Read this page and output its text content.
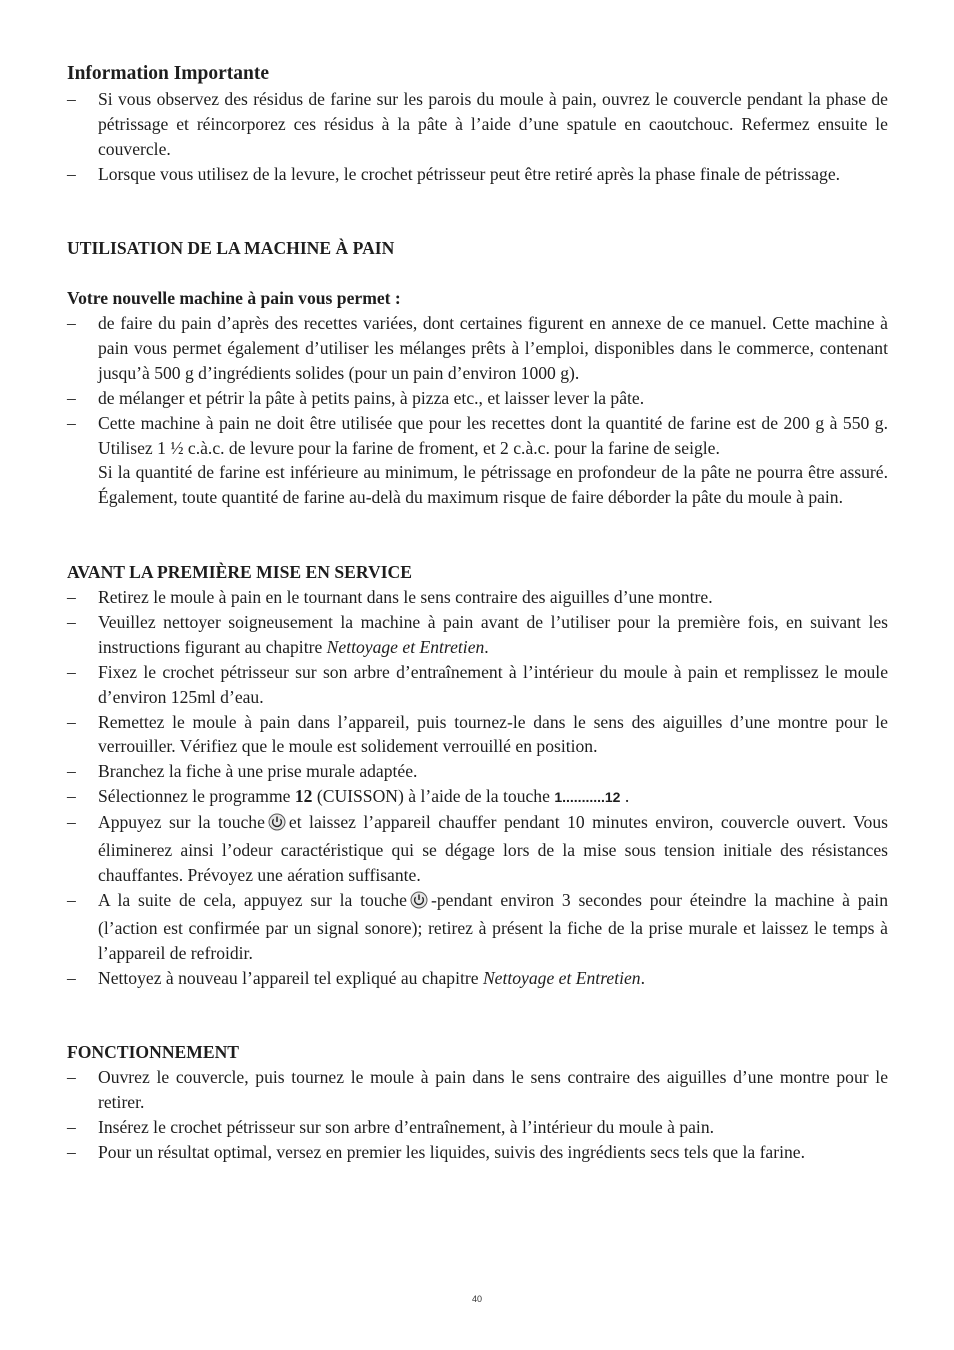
Information Importante
– Si vous observez des résidus de farine sur les parois du moule à pain, ouvrez le couvercle pendant la phase de pétrissage et réincorporez ces résidus à la pâte à l’aide d’une spatule en caoutchouc. Refermez ensuite le couvercle.
– Lorsque vous utilisez de la levure, le crochet pétrisseur peut être retiré après la phase finale de pétrissage.
UTILISATION DE LA MACHINE À PAIN
Votre nouvelle machine à pain vous permet :
– de faire du pain d’après des recettes variées, dont certaines figurent en annexe de ce manuel. Cette machine à pain vous permet également d’utiliser les mélanges prêts à l’emploi, disponibles dans le commerce, contenant jusqu’à 500 g d’ingrédients solides (pour un pain d’environ 1000 g).
– de mélanger et pétrir la pâte à petits pains, à pizza etc., et laisser lever la pâte.
– Cette machine à pain ne doit être utilisée que pour les recettes dont la quantité de farine est de 200 g à 550 g. Utilisez 1 ½ c.à.c. de levure pour la farine de froment, et 2 c.à.c. pour la farine de seigle.
Si la quantité de farine est inférieure au minimum, le pétrissage en profondeur de la pâte ne pourra être assuré. Également, toute quantité de farine au-delà du maximum risque de faire déborder la pâte du moule à pain.
AVANT LA PREMIÈRE MISE EN SERVICE
– Retirez le moule à pain en le tournant dans le sens contraire des aiguilles d’une montre.
– Veuillez nettoyer soigneusement la machine à pain avant de l’utiliser pour la première fois, en suivant les instructions figurant au chapitre Nettoyage et Entretien.
– Fixez le crochet pétrisseur sur son arbre d’entraînement à l’intérieur du moule à pain et remplissez le moule d’environ 125ml d’eau.
– Remettez le moule à pain dans l’appareil, puis tournez-le dans le sens des aiguilles d’une montre pour le verrouiller. Vérifiez que le moule est solidement verrouillé en position.
– Branchez la fiche à une prise murale adaptée.
– Sélectionnez le programme 12 (CUISSON) à l’aide de la touche 1...........12 .
– Appuyez sur la touche et laissez l’appareil chauffer pendant 10 minutes environ, couvercle ouvert. Vous éliminerez ainsi l’odeur caractéristique qui se dégage lors de la mise sous tension initiale des résistances chauffantes. Prévoyez une aération suffisante.
– A la suite de cela, appuyez sur la touche -pendant environ 3 secondes pour éteindre la machine à pain (l’action est confirmée par un signal sonore); retirez à présent la fiche de la prise murale et laissez le temps à l’appareil de refroidir.
– Nettoyez à nouveau l’appareil tel expliqué au chapitre Nettoyage et Entretien.
FONCTIONNEMENT
– Ouvrez le couvercle, puis tournez le moule à pain dans le sens contraire des aiguilles d’une montre pour le retirer.
– Insérez le crochet pétrisseur sur son arbre d’entraînement, à l’intérieur du moule à pain.
– Pour un résultat optimal, versez en premier les liquides, suivis des ingrédients secs tels que la farine.
40
